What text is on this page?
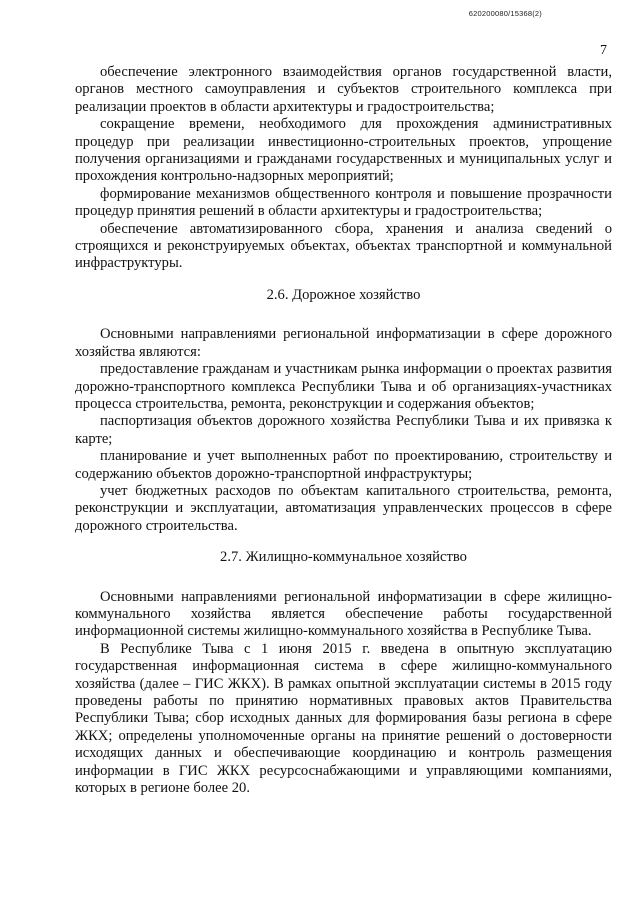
620200080/15368(2)
7

обеспечение электронного взаимодействия органов государственной власти, органов местного самоуправления и субъектов строительного комплекса при реализации проектов в области архитектуры и градостроительства;

сокращение времени, необходимого для прохождения административных процедур при реализации инвестиционно-строительных проектов, упрощение получения организациями и гражданами государственных и муниципальных услуг и прохождения контрольно-надзорных мероприятий;

формирование механизмов общественного контроля и повышение прозрачности процедур принятия решений в области архитектуры и градостроительства;

обеспечение автоматизированного сбора, хранения и анализа сведений о строящихся и реконструируемых объектах, объектах транспортной и коммунальной инфраструктуры.

2.6. Дорожное хозяйство

Основными направлениями региональной информатизации в сфере дорожного хозяйства являются:

предоставление гражданам и участникам рынка информации о проектах развития дорожно-транспортного комплекса Республики Тыва и об организациях-участниках процесса строительства, ремонта, реконструкции и содержания объектов;

паспортизация объектов дорожного хозяйства Республики Тыва и их привязка к карте;

планирование и учет выполненных работ по проектированию, строительству и содержанию объектов дорожно-транспортной инфраструктуры;

учет бюджетных расходов по объектам капитального строительства, ремонта, реконструкции и эксплуатации, автоматизация управленческих процессов в сфере дорожного строительства.

2.7. Жилищно-коммунальное хозяйство

Основными направлениями региональной информатизации в сфере жилищно-коммунального хозяйства является обеспечение работы государственной информационной системы жилищно-коммунального хозяйства в Республике Тыва.

В Республике Тыва с 1 июня 2015 г. введена в опытную эксплуатацию государственная информационная система в сфере жилищно-коммунального хозяйства (далее – ГИС ЖКХ). В рамках опытной эксплуатации системы в 2015 году проведены работы по принятию нормативных правовых актов Правительства Республики Тыва; сбор исходных данных для формирования базы региона в сфере ЖКХ; определены уполномоченные органы на принятие решений о достоверности исходящих данных и обеспечивающие координацию и контроль размещения информации в ГИС ЖКХ ресурсоснабжающими и управляющими компаниями, которых в регионе более 20.
